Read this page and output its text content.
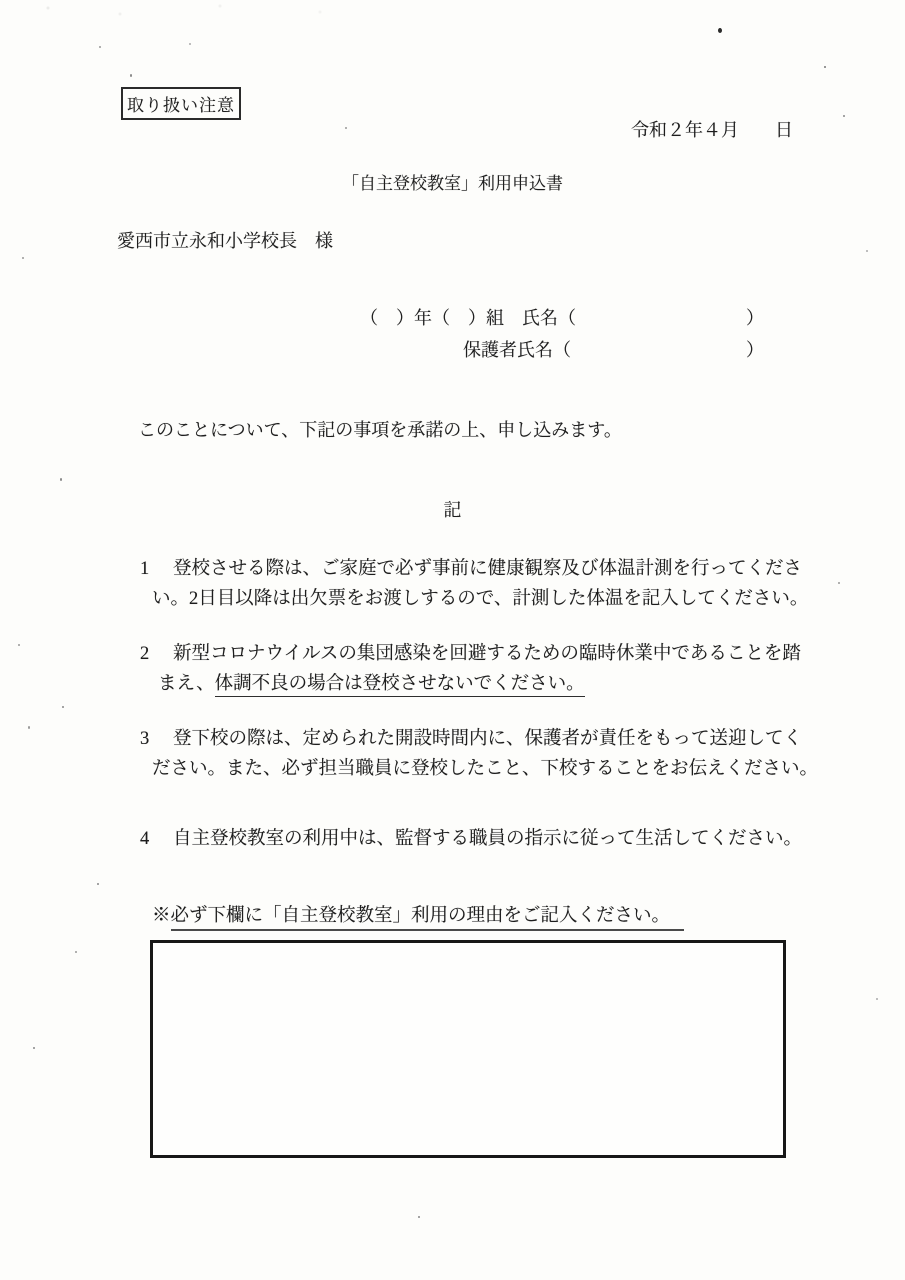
取り扱い注意
令和２年４月　　日
「自主登校教室」利用申込書
愛西市立永和小学校長　様
（　）年（　）組　氏名（	）
保護者氏名（	）
このことについて、下記の事項を承諾の上、申し込みます。
記
1 登校させる際は、ご家庭で必ず事前に健康観察及び体温計測を行ってくださ
い。2日目以降は出欠票をお渡しするので、計測した体温を記入してください。
2 新型コロナウイルスの集団感染を回避するための臨時休業中であることを踏
まえ、体調不良の場合は登校させないでください。
3 登下校の際は、定められた開設時間内に、保護者が責任をもって送迎してく
ださい。また、必ず担当職員に登校したこと、下校することをお伝えください。
4 自主登校教室の利用中は、監督する職員の指示に従って生活してください。
※必ず下欄に「自主登校教室」利用の理由をご記入ください。
